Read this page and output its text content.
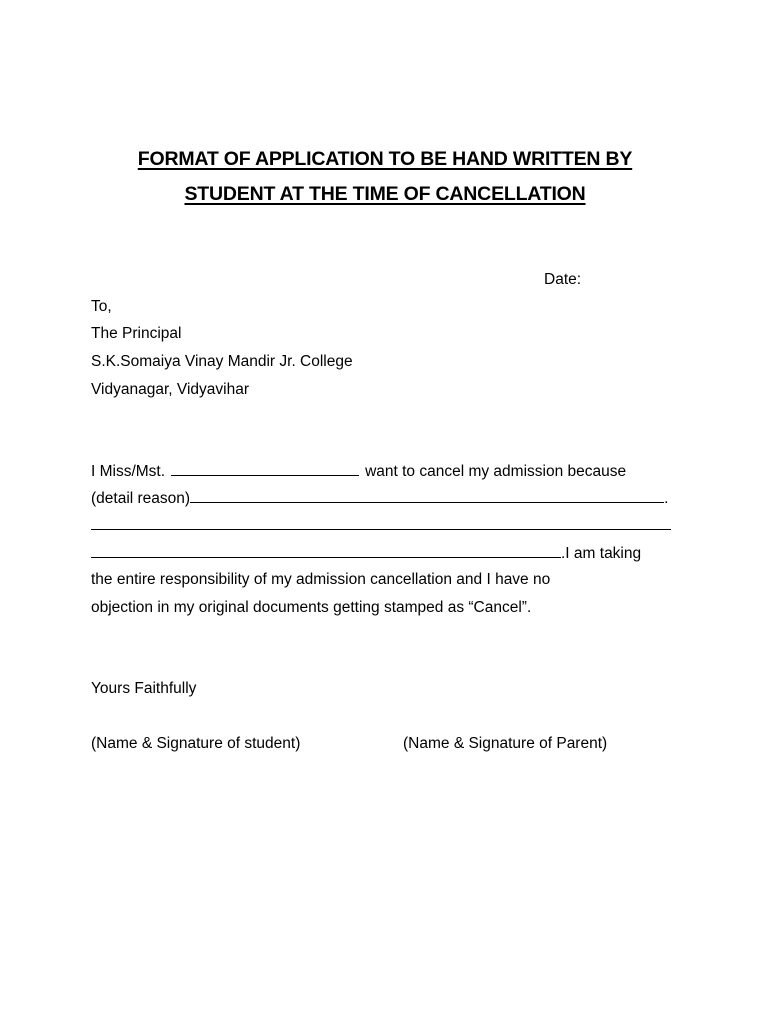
FORMAT OF APPLICATION TO BE HAND WRITTEN BY
STUDENT AT THE TIME OF CANCELLATION
Date:
To,
The Principal
S.K.Somaiya Vinay Mandir Jr. College
Vidyanagar, Vidyavihar
I Miss/Mst.	want to cancel my admission because
(detail reason)	.
.I am taking
the entire responsibility of my admission cancellation and I have no
objection in my original documents getting stamped as “Cancel”.
Yours Faithfully
(Name & Signature of student)	(Name & Signature of Parent)
